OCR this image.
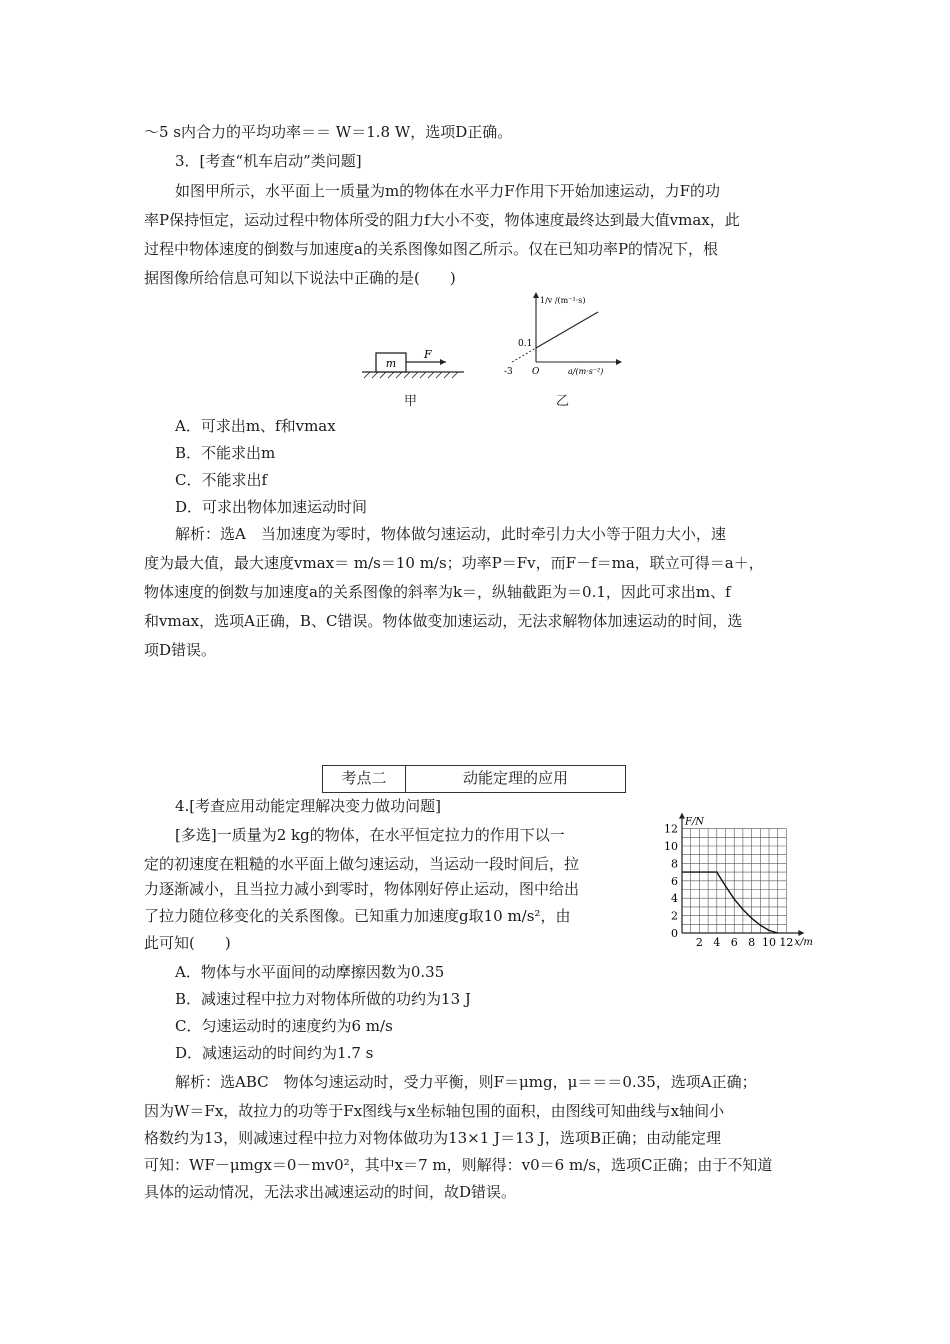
～5 s内合力的平均功率＝＝ W＝1.8 W，选项D正确。
3．[考查“机车启动”类问题]
如图甲所示，水平面上一质量为m的物体在水平力F作用下开始加速运动，力F的功
率P保持恒定，运动过程中物体所受的阻力f大小不变，物体速度最终达到最大值vmax，此
过程中物体速度的倒数与加速度a的关系图像如图乙所示。仅在已知功率P的情况下，根
据图像所给信息可知以下说法中正确的是(　　)
m
F
甲
1/v /(m⁻¹·s)
0.1
-3 O	a/(m·s⁻²)
乙
A．可求出m、f和vmax
B．不能求出m
C．不能求出f
D．可求出物体加速运动时间
解析：选A　当加速度为零时，物体做匀速运动，此时牵引力大小等于阻力大小，速
度为最大值，最大速度vmax＝ m/s＝10 m/s；功率P＝Fv，而F－f＝ma，联立可得＝a＋，
物体速度的倒数与加速度a的关系图像的斜率为k＝，纵轴截距为＝0.1，因此可求出m、f
和vmax，选项A正确，B、C错误。物体做变加速运动，无法求解物体加速运动的时间，选
项D错误。
考点二	动能定理的应用
4.[考查应用动能定理解决变力做功问题]
[多选]一质量为2 kg的物体，在水平恒定拉力的作用下以一
定的初速度在粗糙的水平面上做匀速运动，当运动一段时间后，拉
力逐渐减小，且当拉力减小到零时，物体刚好停止运动，图中给出
了拉力随位移变化的关系图像。已知重力加速度g取10 m/s²，由
此可知(　　)
12
10
8
6
4
2
0
2 4 6 8 10 12
F/N
x/m
A．物体与水平面间的动摩擦因数为0.35
B．减速过程中拉力对物体所做的功约为13 J
C．匀速运动时的速度约为6 m/s
D．减速运动的时间约为1.7 s
解析：选ABC　物体匀速运动时，受力平衡，则F＝μmg，μ＝＝＝0.35，选项A正确；
因为W＝Fx，故拉力的功等于Fx图线与x坐标轴包围的面积，由图线可知曲线与x轴间小
格数约为13，则减速过程中拉力对物体做功为13×1 J＝13 J，选项B正确；由动能定理
可知：WF－μmgx＝0－mv0²，其中x＝7 m，则解得：v0＝6 m/s，选项C正确；由于不知道
具体的运动情况，无法求出减速运动的时间，故D错误。
